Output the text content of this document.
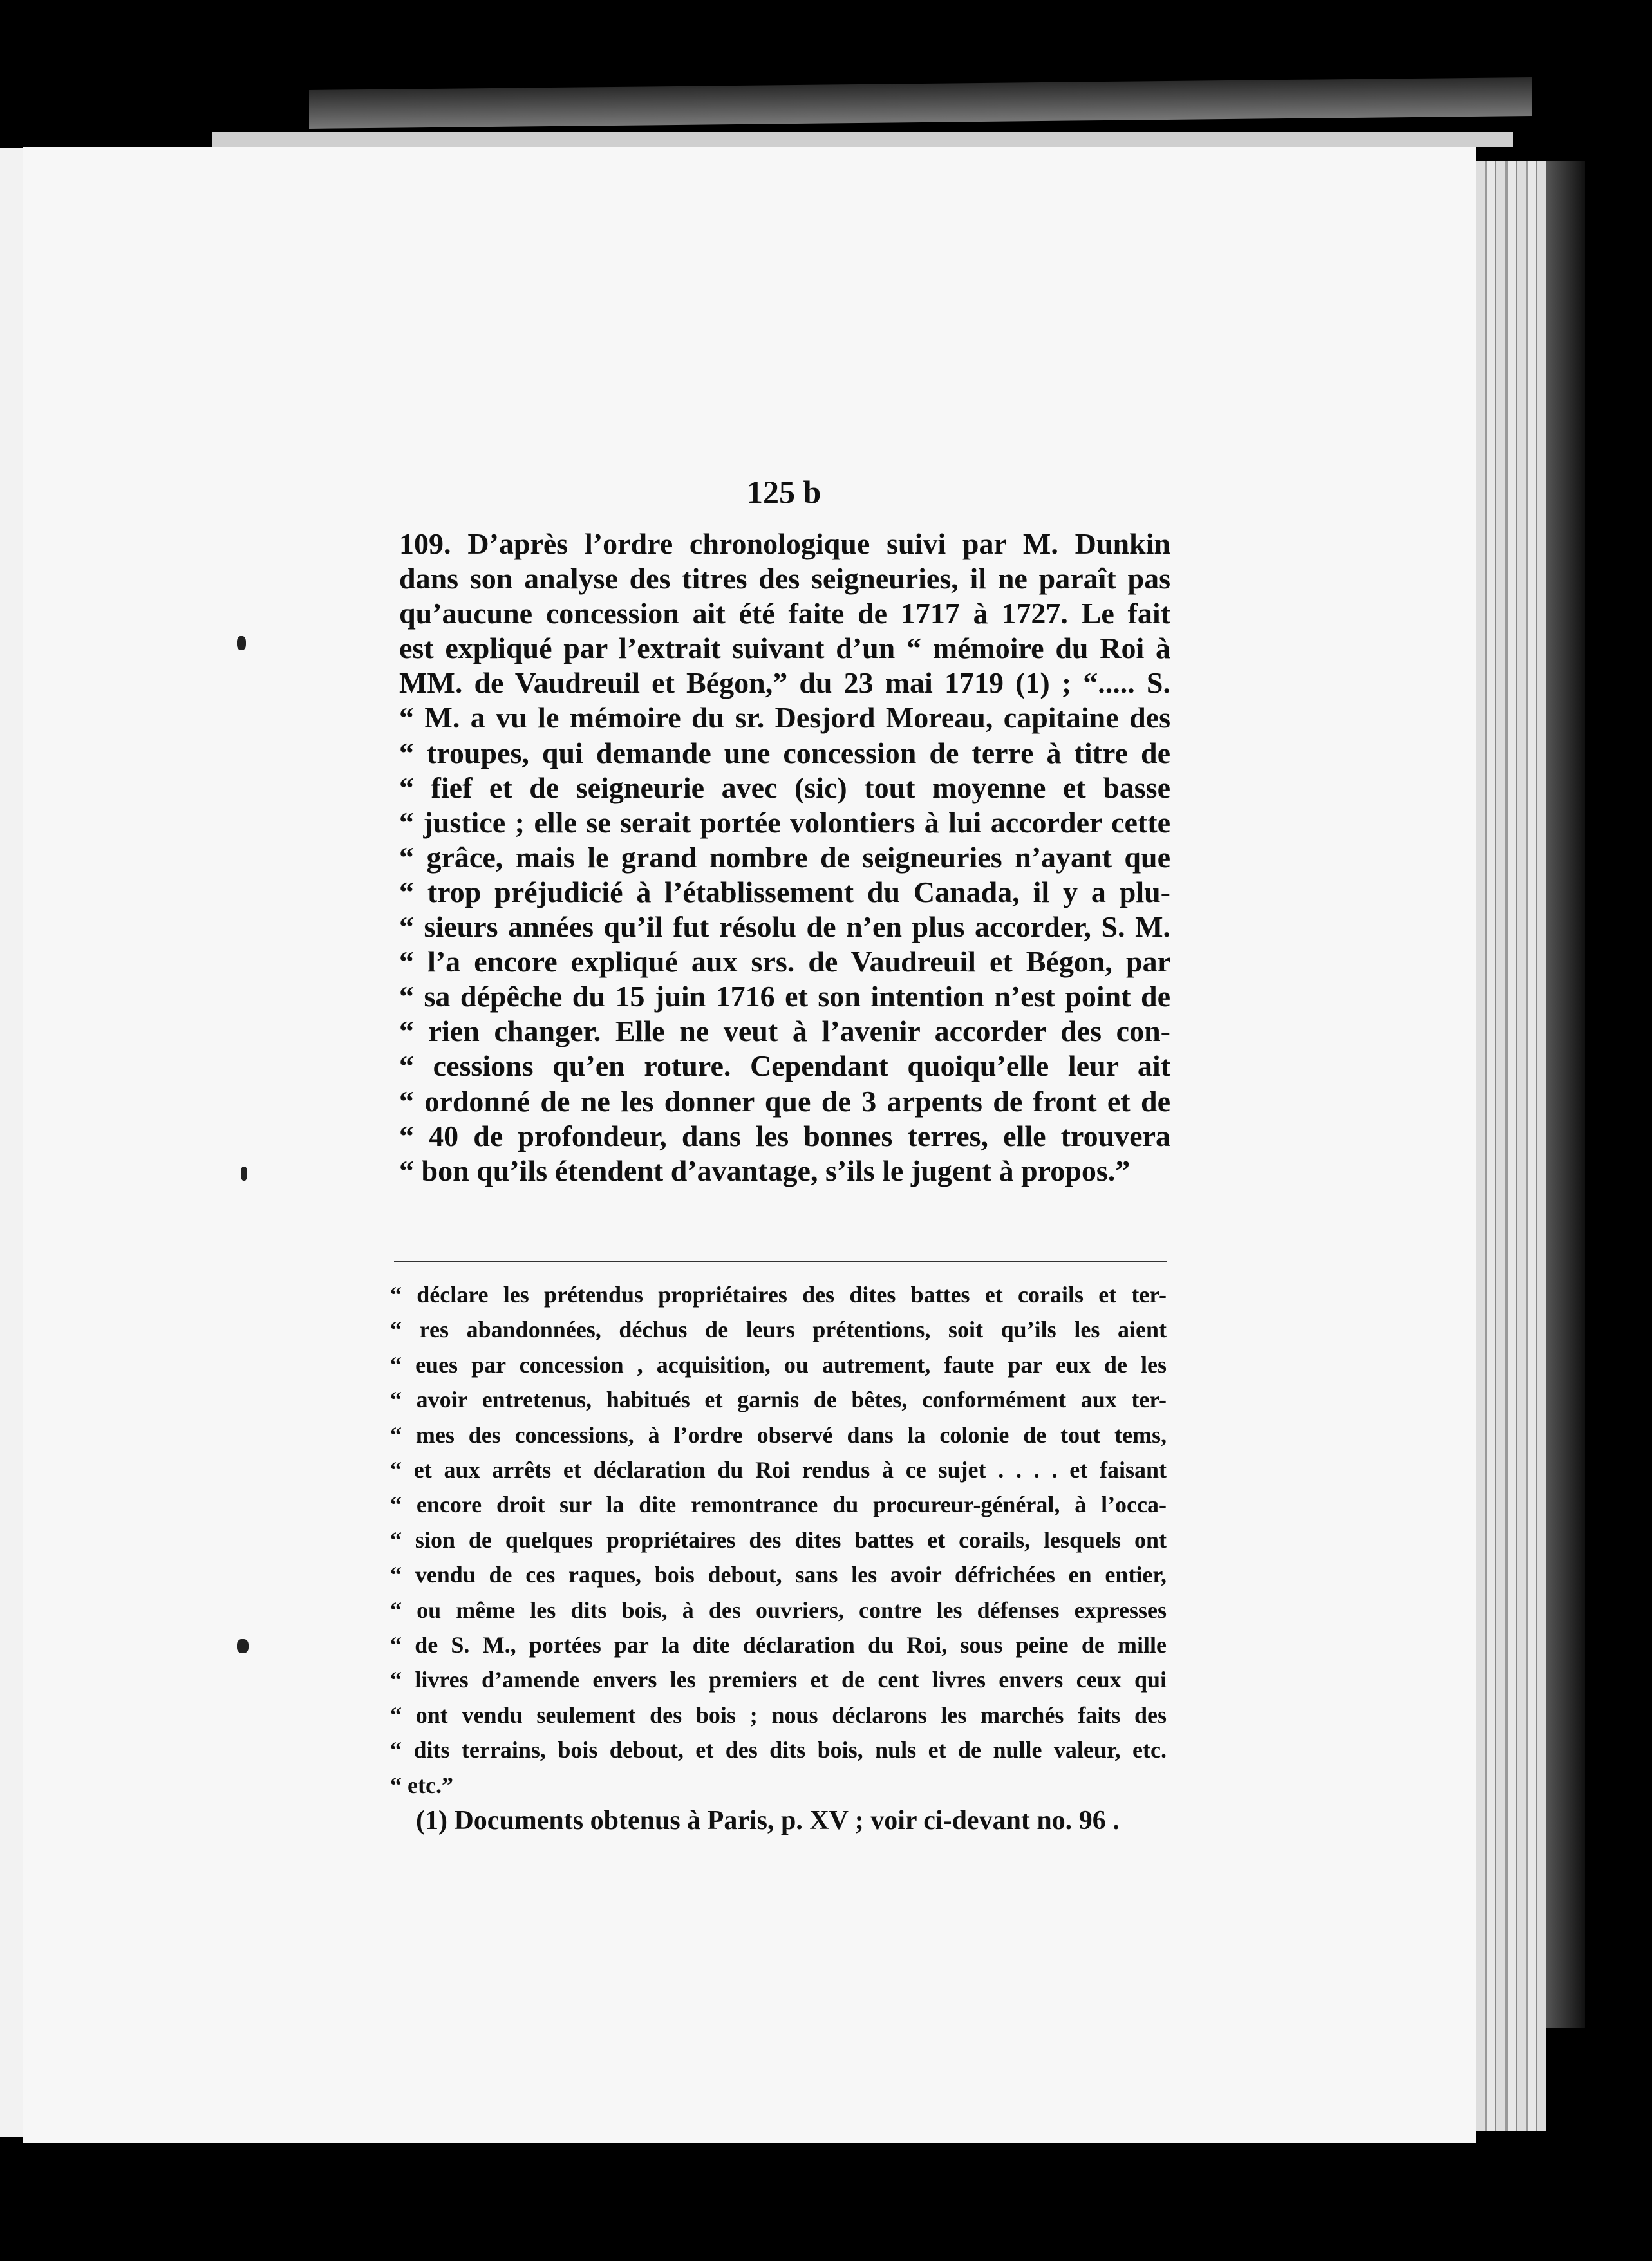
125 b
109. D’après l’ordre chronologique suivi par M. Dunkin
dans son analyse des titres des seigneuries, il ne paraît pas
qu’aucune concession ait été faite de 1717 à 1727. Le fait
est expliqué par l’extrait suivant d’un “ mémoire du Roi à
MM. de Vaudreuil et Bégon,” du 23 mai 1719 (1) ; “..... S.
“ M. a vu le mémoire du sr. Desjord Moreau, capitaine des
“ troupes, qui demande une concession de terre à titre de
“ fief et de seigneurie avec (sic) tout moyenne et basse
“ justice ; elle se serait portée volontiers à lui accorder cette
“ grâce, mais le grand nombre de seigneuries n’ayant que
“ trop préjudicié à l’établissement du Canada, il y a plu-
“ sieurs années qu’il fut résolu de n’en plus accorder, S. M.
“ l’a encore expliqué aux srs. de Vaudreuil et Bégon, par
“ sa dépêche du 15 juin 1716 et son intention n’est point de
“ rien changer. Elle ne veut à l’avenir accorder des con-
“ cessions qu’en roture. Cependant quoiqu’elle leur ait
“ ordonné de ne les donner que de 3 arpents de front et de
“ 40 de profondeur, dans les bonnes terres, elle trouvera
“ bon qu’ils étendent d’avantage, s’ils le jugent à propos.”
“ déclare les prétendus propriétaires des dites battes et corails et ter-
“ res abandonnées, déchus de leurs prétentions, soit qu’ils les aient
“ eues par concession , acquisition, ou autrement, faute par eux de les
“ avoir entretenus, habitués et garnis de bêtes, conformément aux ter-
“ mes des concessions, à l’ordre observé dans la colonie de tout tems,
“ et aux arrêts et déclaration du Roi rendus à ce sujet . . . . et faisant
“ encore droit sur la dite remontrance du procureur-général, à l’occa-
“ sion de quelques propriétaires des dites battes et corails, lesquels ont
“ vendu de ces raques, bois debout, sans les avoir défrichées en entier,
“ ou même les dits bois, à des ouvriers, contre les défenses expresses
“ de S. M., portées par la dite déclaration du Roi, sous peine de mille
“ livres d’amende envers les premiers et de cent livres envers ceux qui
“ ont vendu seulement des bois ; nous déclarons les marchés faits des
“ dits terrains, bois debout, et des dits bois, nuls et de nulle valeur, etc.
“ etc.”
(1) Documents obtenus à Paris, p. XV ; voir ci-devant no. 96 .
